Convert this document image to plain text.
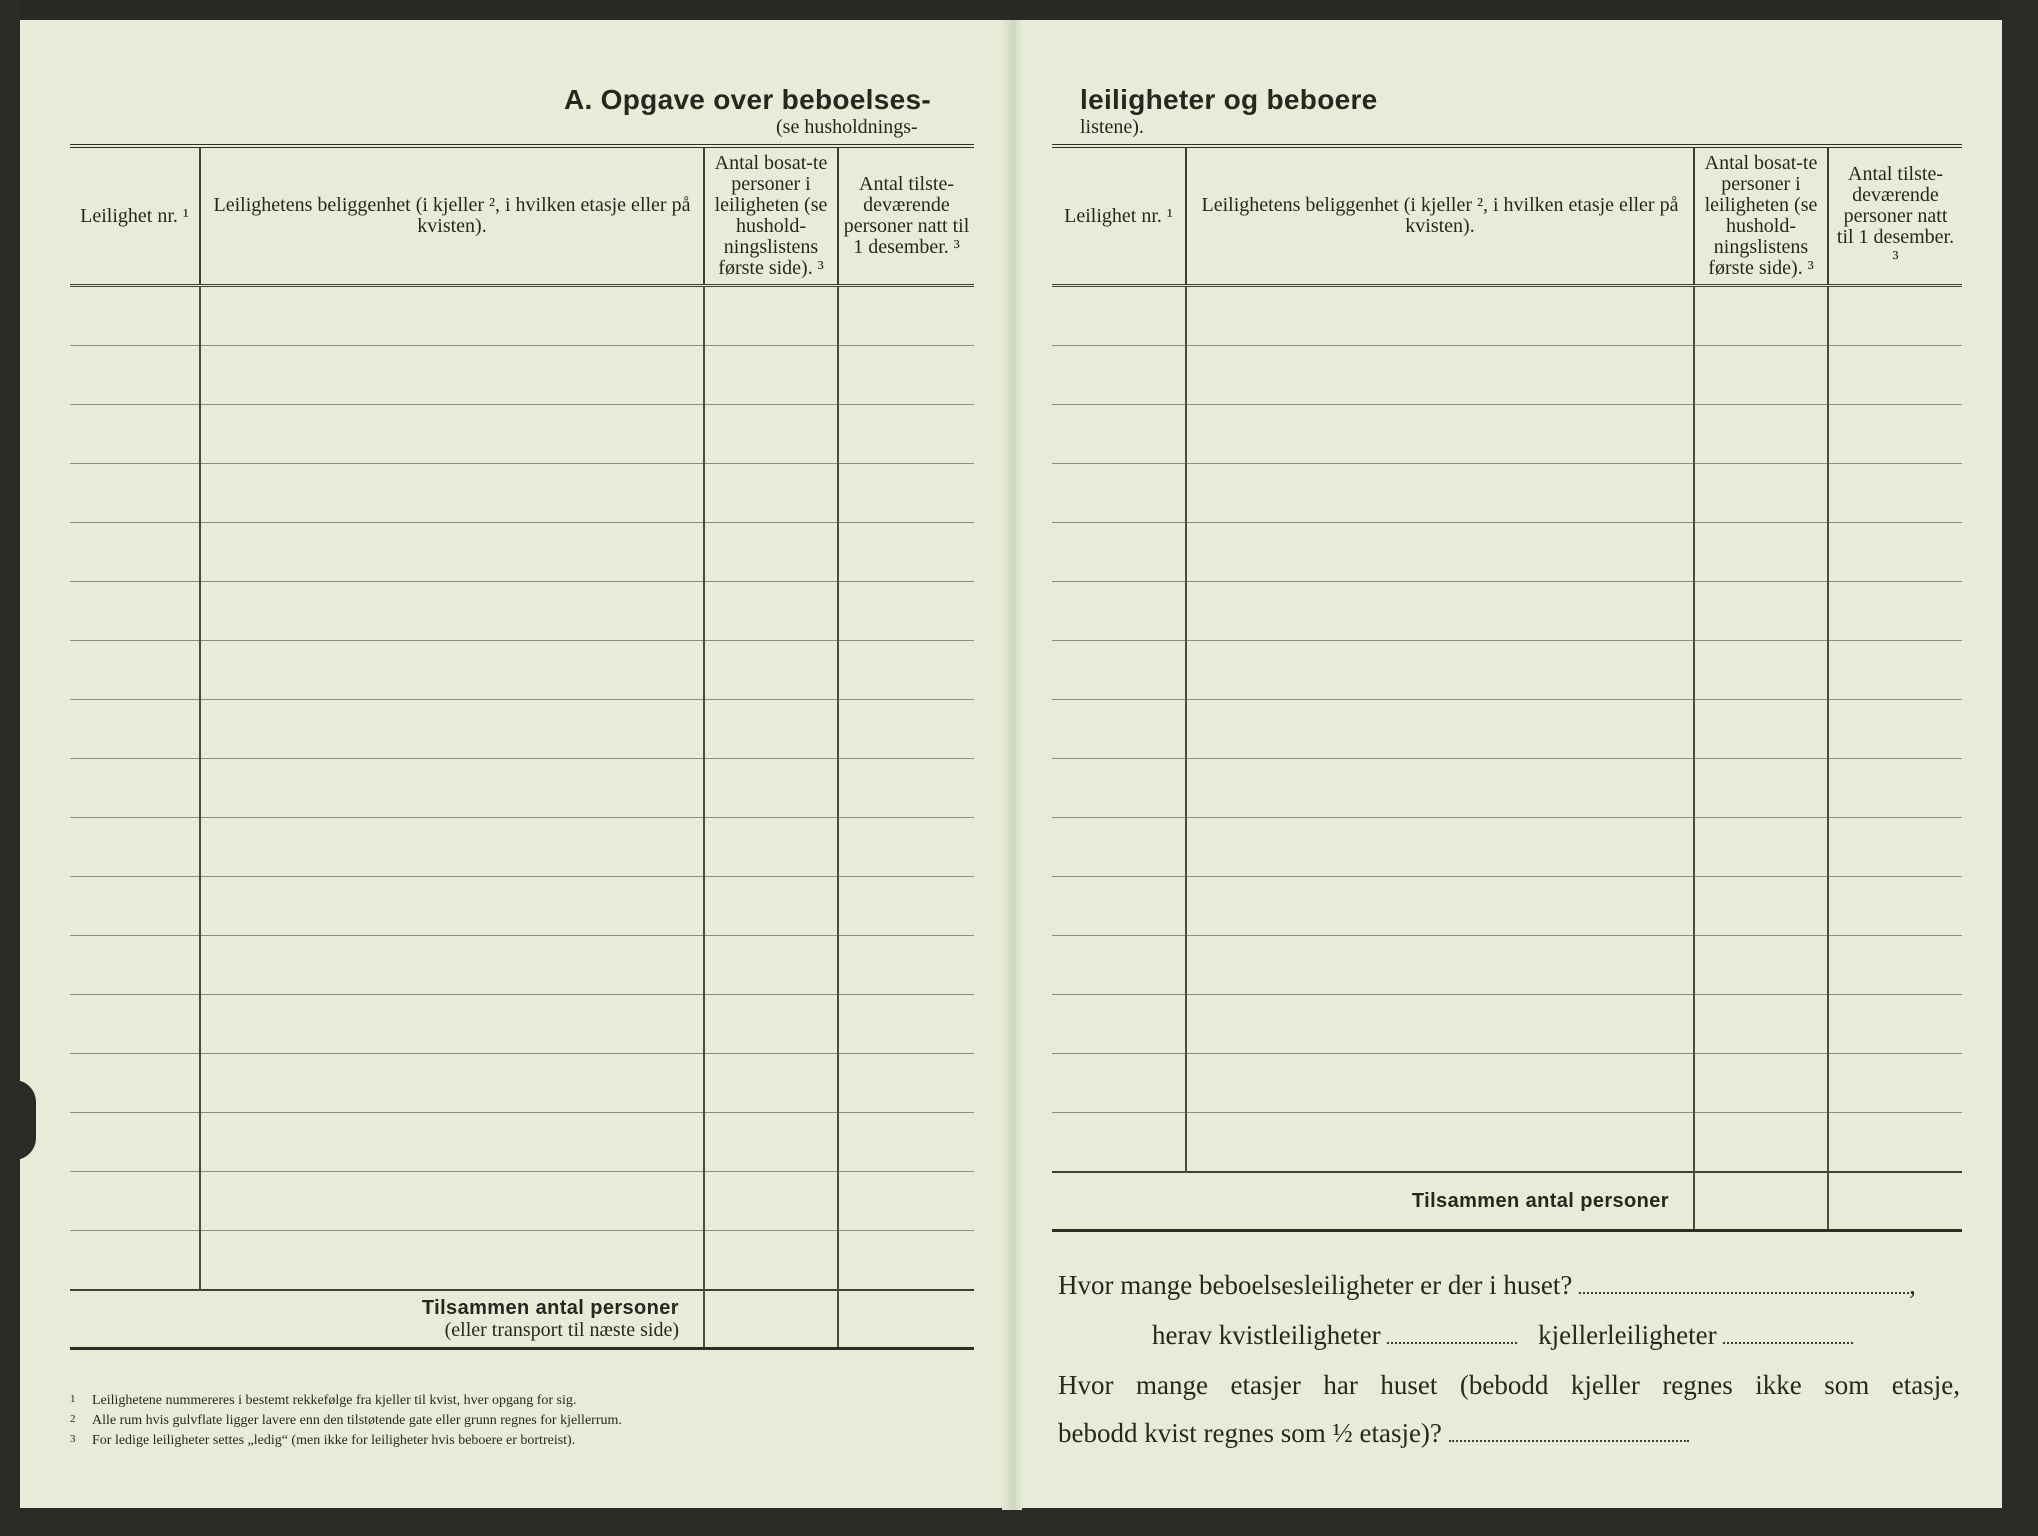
A. Opgave over beboelses-
(se husholdnings-
Leilighet nr. ¹	Leilighetens beliggenhet (i kjeller ², i hvilken etasje eller på kvisten).	Antal bosat-te personer i leiligheten (se hushold-ningslistens første side). ³	Antal tilste-deværende personer natt til 1 desember. ³

Tilsammen antal personer
(eller transport til næste side)			

1 Leilighetene nummereres i bestemt rekkefølge fra kjeller til kvist, hver opgang for sig.
2 Alle rum hvis gulvflate ligger lavere enn den tilstøtende gate eller grunn regnes for kjellerrum.
3 For ledige leiligheter settes „ledig“ (men ikke for leiligheter hvis beboere er bortreist).
leiligheter og beboere
listene).
Leilighet nr. ¹	Leilighetens beliggenhet (i kjeller ², i hvilken etasje eller på kvisten).	Antal bosat-te personer i leiligheten (se hushold-ningslistens første side). ³	Antal tilste-deværende personer natt til 1 desember. ³

Tilsammen antal personer			

Hvor mange beboelsesleiligheter er der i huset?	,
herav kvistleiligheter	kjellerleiligheter
Hvor mange etasjer har huset (bebodd kjeller regnes ikke som etasje,
bebodd kvist regnes som ½ etasje)?
